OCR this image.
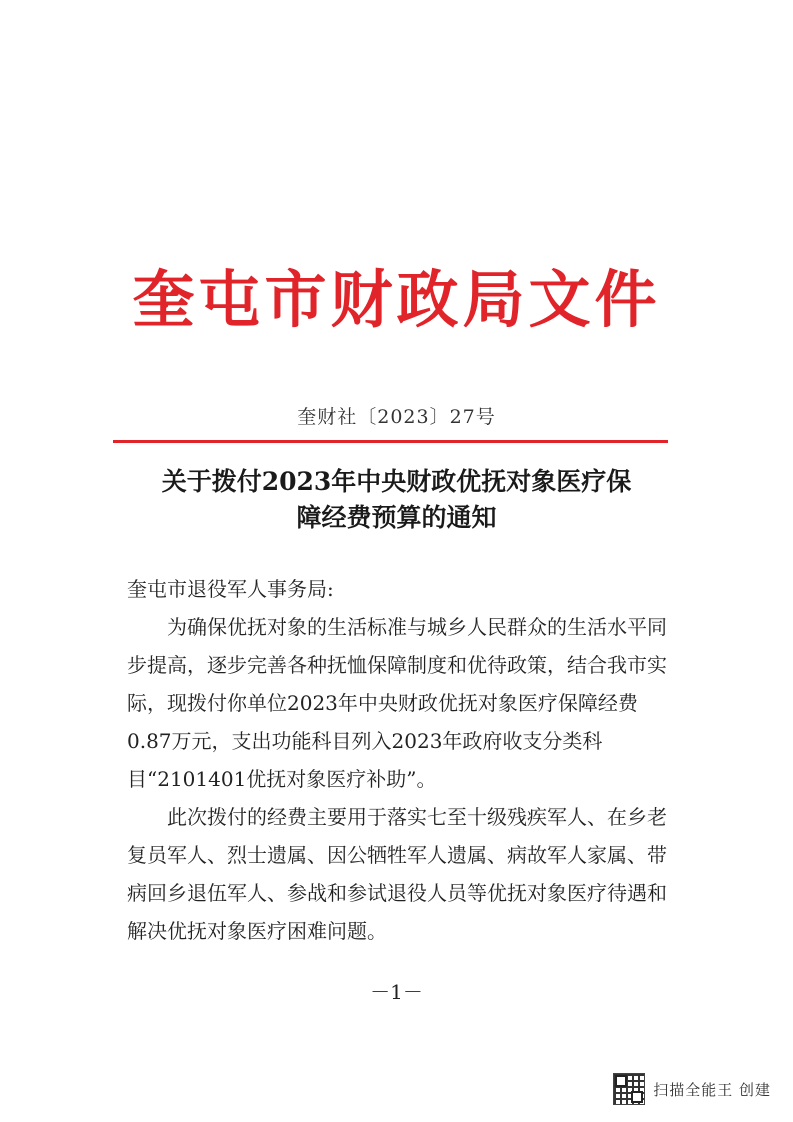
奎屯市财政局文件
奎财社〔2023〕27号
关于拨付2023年中央财政优抚对象医疗保
障经费预算的通知

奎屯市退役军人事务局:

为确保优抚对象的生活标准与城乡人民群众的生活水平同步提高，逐步完善各种抚恤保障制度和优待政策，结合我市实际，现拨付你单位2023年中央财政优抚对象医疗保障经费0.87万元，支出功能科目列入2023年政府收支分类科目“2101401优抚对象医疗补助”。

此次拨付的经费主要用于落实七至十级残疾军人、在乡老复员军人、烈士遗属、因公牺牲军人遗属、病故军人家属、带病回乡退伍军人、参战和参试退役人员等优抚对象医疗待遇和解决优抚对象医疗困难问题。

－1－
扫描全能王 创建
